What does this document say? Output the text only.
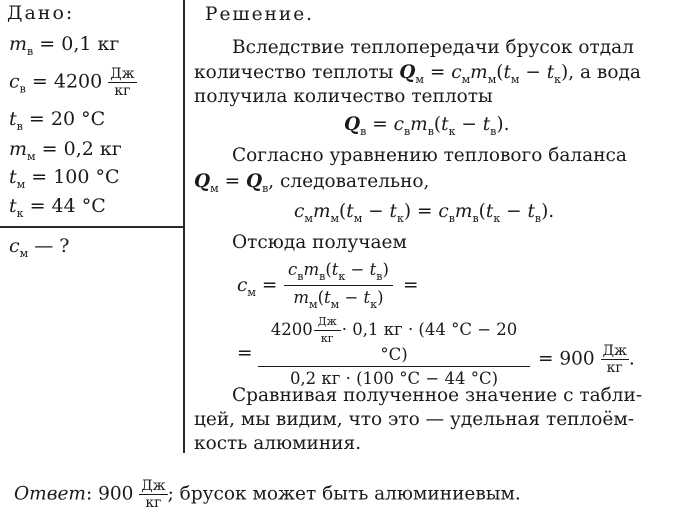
Дано:
$m_в = 0,1$ кг
$c_в = 4200 \frac{Дж}{кг}$
$t_в = 20$ °C
$m_м = 0,2$ кг
$t_м = 100$ °C
$t_к = 44$ °C
$c_м$ — ?
Решение.
Вследствие теплопередачи брусок отдал
количество теплоты $Q_м = c_мm_м(t_м - t_к)$, а вода
получила количество теплоты
$Q_в = c_вm_в(t_к - t_в)$.
Согласно уравнению теплового баланса
$Q_м = Q_в$, следовательно,
$c_мm_м(t_м - t_к) = c_вm_в(t_к - t_в)$.
Отсюда получаем
$c_м$ =
$c_вm_в(t_к - t_в)$
$m_м(t_м - t_к)$
=
=
$4200 \frac{Дж}{кг} \cdot 0,1$ кг · (44 °C − 20 °C)
0,2 кг · (100 °C − 44 °C)
= $900 \frac{Дж}{кг}$ .
Сравнивая полученное значение с табли-
цей, мы видим, что это — удельная теплоём-
кость алюминия.
Ответ: $900 \frac{Дж}{кг}$ ; брусок может быть алюминиевым.
